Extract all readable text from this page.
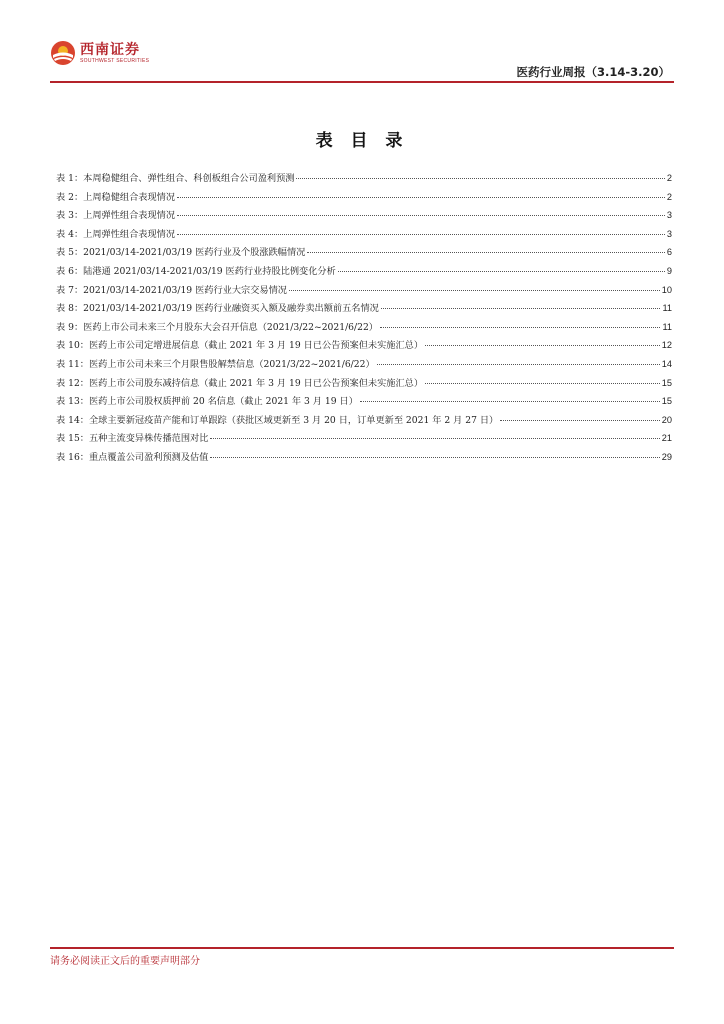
西南证券
SOUTHWEST SECURITIES
医药行业周报（3.14-3.20）
表 目 录
表 1：本周稳健组合、弹性组合、科创板组合公司盈利预测	2
表 2：上周稳健组合表现情况	2
表 3：上周弹性组合表现情况	3
表 4：上周弹性组合表现情况	3
表 5：2021/03/14-2021/03/19 医药行业及个股涨跌幅情况	6
表 6：陆港通 2021/03/14-2021/03/19 医药行业持股比例变化分析	9
表 7：2021/03/14-2021/03/19 医药行业大宗交易情况	10
表 8：2021/03/14-2021/03/19 医药行业融资买入额及融券卖出额前五名情况	11
表 9：医药上市公司未来三个月股东大会召开信息（2021/3/22~2021/6/22）	11
表 10：医药上市公司定增进展信息（截止 2021 年 3 月 19 日已公告预案但未实施汇总）	12
表 11：医药上市公司未来三个月限售股解禁信息（2021/3/22~2021/6/22）	14
表 12：医药上市公司股东减持信息（截止 2021 年 3 月 19 日已公告预案但未实施汇总）	15
表 13：医药上市公司股权质押前 20 名信息（截止 2021 年 3 月 19 日）	15
表 14：全球主要新冠疫苗产能和订单跟踪（获批区域更新至 3 月 20 日，订单更新至 2021 年 2 月 27 日）	20
表 15：五种主流变异株传播范围对比	21
表 16：重点覆盖公司盈利预测及估值	29
请务必阅读正文后的重要声明部分
